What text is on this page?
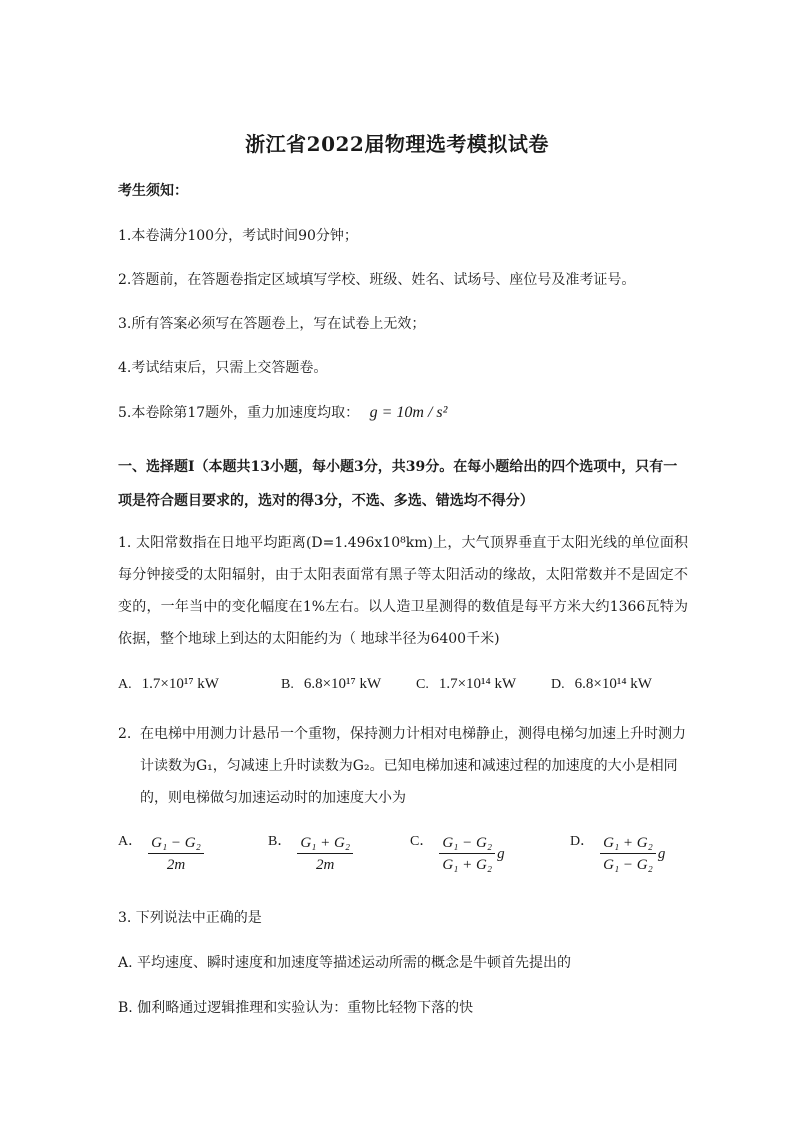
浙江省2022届物理选考模拟试卷

考生须知：

1.本卷满分100分，考试时间90分钟；

2.答题前，在答题卷指定区域填写学校、班级、姓名、试场号、座位号及准考证号。

3.所有答案必须写在答题卷上，写在试卷上无效；

4.考试结束后，只需上交答题卷。

5.本卷除第17题外，重力加速度均取： g = 10m / s²

一、选择题Ⅰ（本题共13小题，每小题3分，共39分。在每小题给出的四个选项中，只有一项是符合题目要求的，选对的得3分，不选、多选、错选均不得分）

1. 太阳常数指在日地平均距离(D=1.496x10⁸km)上，大气顶界垂直于太阳光线的单位面积每分钟接受的太阳辐射，由于太阳表面常有黑子等太阳活动的缘故，太阳常数并不是固定不变的，一年当中的变化幅度在1%左右。以人造卫星测得的数值是每平方米大约1366瓦特为依据，整个地球上到达的太阳能约为（ 地球半径为6400千米)

A. 1.7×10¹⁷ kW	B. 6.8×10¹⁷ kW C. 1.7×10¹⁴ kW D. 6.8×10¹⁴ kW

2. 在电梯中用测力计悬吊一个重物，保持测力计相对电梯静止，测得电梯匀加速上升时测力计读数为G₁，匀减速上升时读数为G₂。已知电梯加速和减速过程的加速度的大小是相同的，则电梯做匀加速运动时的加速度大小为

A． $\frac{\text{G₁ − G₂}}{2m}$	B． $\frac{\text{G₁ + G₂}}{2m}$	C． $\frac{\text{G₁ − G₂}}{\text{G₁ + G₂}}$ g
D． $\frac{\text{G₁ + G₂}}{\text{G₁ − G₂}}$ g

3. 下列说法中正确的是

A. 平均速度、瞬时速度和加速度等描述运动所需的概念是牛顿首先提出的

B. 伽利略通过逻辑推理和实验认为：重物比轻物下落的快
